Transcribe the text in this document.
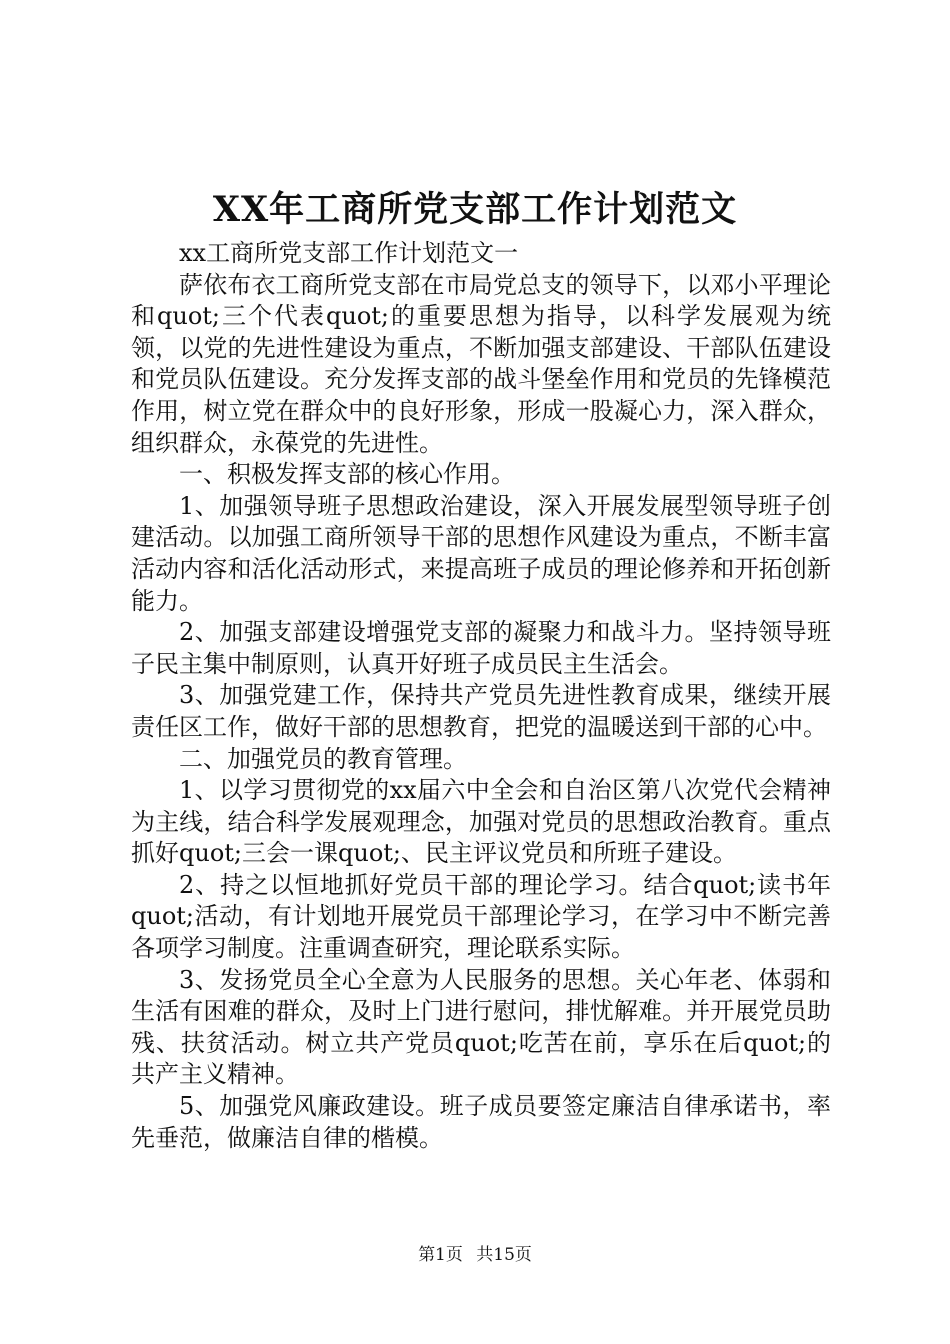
XX年工商所党支部工作计划范文

xx工商所党支部工作计划范文一

萨依布衣工商所党支部在市局党总支的领导下，以邓小平理论和quot;三个代表quot;的重要思想为指导，以科学发展观为统领，以党的先进性建设为重点，不断加强支部建设、干部队伍建设和党员队伍建设。充分发挥支部的战斗堡垒作用和党员的先锋模范作用，树立党在群众中的良好形象，形成一股凝心力，深入群众，组织群众，永葆党的先进性。

一、积极发挥支部的核心作用。

1、加强领导班子思想政治建设，深入开展发展型领导班子创建活动。以加强工商所领导干部的思想作风建设为重点，不断丰富活动内容和活化活动形式，来提高班子成员的理论修养和开拓创新能力。

2、加强支部建设增强党支部的凝聚力和战斗力。坚持领导班子民主集中制原则，认真开好班子成员民主生活会。

3、加强党建工作，保持共产党员先进性教育成果，继续开展责任区工作，做好干部的思想教育，把党的温暖送到干部的心中。

二、加强党员的教育管理。

1、以学习贯彻党的xx届六中全会和自治区第八次党代会精神为主线，结合科学发展观理念，加强对党员的思想政治教育。重点抓好quot;三会一课quot;、民主评议党员和所班子建设。

2、持之以恒地抓好党员干部的理论学习。结合quot;读书年quot;活动，有计划地开展党员干部理论学习，在学习中不断完善各项学习制度。注重调查研究，理论联系实际。

3、发扬党员全心全意为人民服务的思想。关心年老、体弱和生活有困难的群众，及时上门进行慰问，排忧解难。并开展党员助残、扶贫活动。树立共产党员quot;吃苦在前，享乐在后quot;的共产主义精神。

5、加强党风廉政建设。班子成员要签定廉洁自律承诺书，率先垂范，做廉洁自律的楷模。

第1页 共15页
